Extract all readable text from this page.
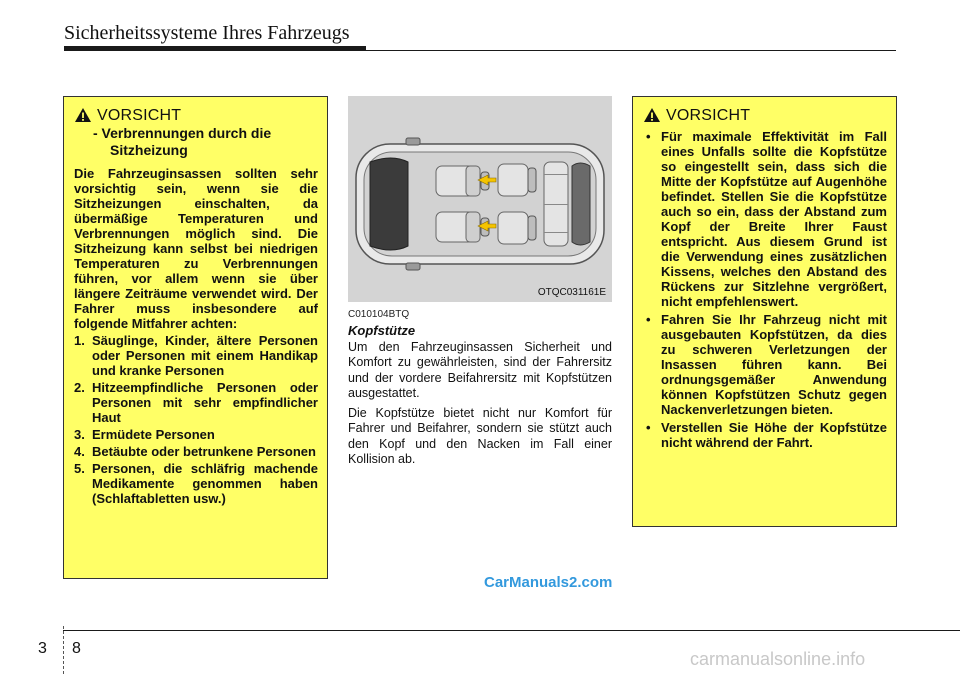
Sicherheitssysteme Ihres Fahrzeugs
VORSICHT
- Verbrennungen durch die
Sitzheizung
Die Fahrzeuginsassen sollten sehr vorsichtig sein, wenn sie die Sitzheizungen einschalten, da übermäßige Temperaturen und Verbrennungen möglich sind. Die Sitzheizung kann selbst bei niedrigen Temperaturen zu Verbrennungen führen, vor allem wenn sie über längere Zeiträume verwendet wird. Der Fahrer muss insbesondere auf folgende Mitfahrer achten:
1. Säuglinge, Kinder, ältere Personen oder Personen mit einem Handikap und kranke Personen
2. Hitzeempfindliche Personen oder Personen mit sehr empfindlicher Haut
3. Ermüdete Personen
4. Betäubte oder betrunkene Personen
5. Personen, die schläfrig machende Medikamente genommen haben (Schlaftabletten usw.)
OTQC031161E
C010104BTQ
Kopfstütze
Um den Fahrzeuginsassen Sicherheit und Komfort zu gewährleisten, sind der Fahrersitz und der vordere Beifahrersitz mit Kopfstützen ausgestattet.
Die Kopfstütze bietet nicht nur Komfort für Fahrer und Beifahrer, sondern sie stützt auch den Kopf und den Nacken im Fall einer Kollision ab.
VORSICHT
• Für maximale Effektivität im Fall eines Unfalls sollte die Kopfstütze so eingestellt sein, dass sich die Mitte der Kopfstütze auf Augenhöhe befindet. Stellen Sie die Kopfstütze auch so ein, dass der Abstand zum Kopf der Breite Ihrer Faust entspricht. Aus diesem Grund ist die Verwendung eines zusätzlichen Kissens, welches den Abstand des Rückens zur Sitzlehne vergrößert, nicht empfehlenswert.
• Fahren Sie Ihr Fahrzeug nicht mit ausgebauten Kopfstützen, da dies zu schweren Verletzungen der Insassen führen kann. Bei ordnungsgemäßer Anwendung können Kopfstützen Schutz gegen Nackenverletzungen bieten.
• Verstellen Sie Höhe der Kopfstütze nicht während der Fahrt.
CarManuals2.com
3 8
carmanualsonline.info
